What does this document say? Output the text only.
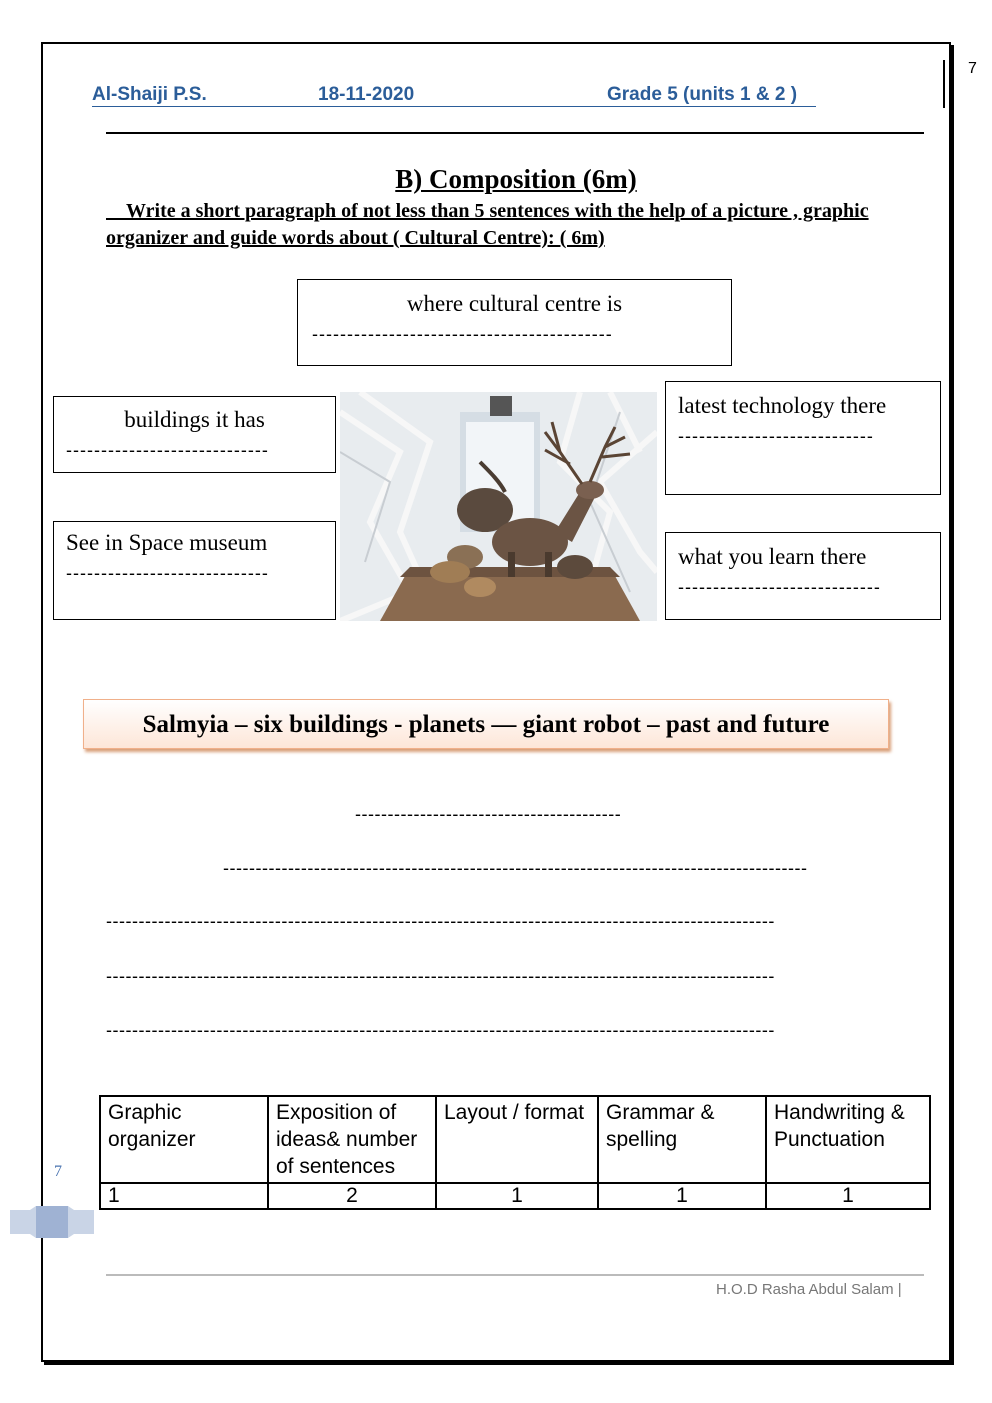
7
Al-Shaiji P.S.	18-11-2020	Grade 5 (units 1 & 2 )
B) Composition (6m)
Write a short paragraph of not less than 5 sentences with the help of a picture , graphic organizer and guide words about ( Cultural Centre): ( 6m)
where cultural centre is
-------------------------------------------
buildings it has
-----------------------------
See in Space museum
-----------------------------
latest technology there
----------------------------
what you learn there
-----------------------------
Salmyia – six buildings - planets — giant robot – past and future
-----------------------------------------
------------------------------------------------------------------------------------------
-------------------------------------------------------------------------------------------------------
-------------------------------------------------------------------------------------------------------
-------------------------------------------------------------------------------------------------------
Graphic organizer	Exposition of ideas& number of sentences	Layout / format	Grammar & spelling	Handwriting & Punctuation
1	2	1	1	1
7
H.O.D Rasha Abdul Salam |
